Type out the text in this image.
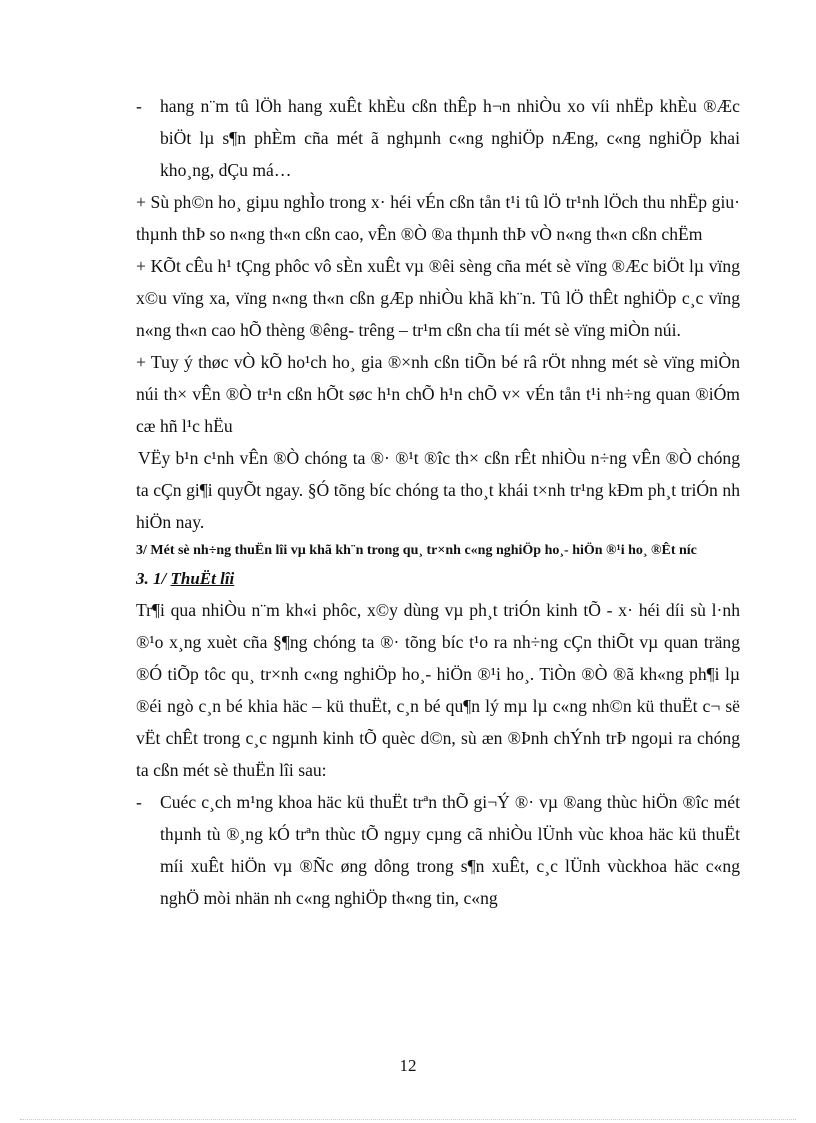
- hang n¨m tû lÖh hang xuÊt khÈu cßn thÊp h¬n nhiÒu xo víi nhËp khÈu ®Æc biÖt lµ s¶n phÈm cña mét ã nghµnh c«ng nghiÖp nÆng, c«ng nghiÖp khai kho¸ng, dÇu má…

+ Sù ph©n ho¸ giµu nghÌo trong x· héi vÉn cßn tån t¹i tû lÖ tr¹nh lÖch thu nhËp giu· thµnh thÞ so n«ng th«n cßn cao, vÊn ®Ò ®a thµnh thÞ vÒ n«ng th«n cßn chËm

+ KÕt cÊu h¹ tÇng phôc vô sÈn xuÊt vµ ®êi sèng cña mét sè vïng ®Æc biÖt lµ vïng x©u vïng xa, vïng n«ng th«n cßn gÆp nhiÒu khã kh¨n. Tû lÖ thÊt nghiÖp c¸c vïng n«ng th«n cao hÕ thèng ®êng- trêng – tr¹m cßn cha tíi mét sè vïng miÒn núi.

+ Tuy ý thøc vÒ kÕ ho¹ch ho¸ gia ®×nh cßn tiÕn bé râ rÖt nhng mét sè vïng miÒn núi th× vÊn ®Ò tr¹n cßn hÕt søc h¹n chÕ h¹n chÕ v× vÉn tån t¹i nh÷ng quan ®iÓm cæ hñ l¹c hËu

VËy b¹n c¹nh vÊn ®Ò chóng ta ®· ®¹t ®îc th× cßn rÊt nhiÒu n÷ng vÊn ®Ò chóng ta cÇn gi¶i quyÕt ngay. §Ó tõng bíc chóng ta tho¸t khái t×nh tr¹ng kÐm ph¸t triÓn nh hiÖn nay.

3/ Mét sè nh÷ng thuËn lîi vµ khã kh¨n trong qu¸ tr×nh c«ng nghiÖp ho¸- hiÖn ®¹i ho¸ ®Êt níc

3. 1/ ThuËt lîi

Tr¶i qua nhiÒu n¨m kh«i phôc, x©y dùng vµ ph¸t triÓn kinh tÕ - x· héi díi sù l·nh ®¹o x¸ng xuèt cña §¶ng chóng ta ®· tõng bíc t¹o ra nh÷ng cÇn thiÕt vµ quan träng ®Ó tiÕp tôc qu¸ tr×nh c«ng nghiÖp ho¸- hiÖn ®¹i ho¸. TiÒn ®Ò ®ã kh«ng ph¶i lµ ®éi ngò c¸n bé khia häc – kü thuËt, c¸n bé qu¶n lý mµ lµ c«ng nh©n kü thuËt c¬ së vËt chÊt trong c¸c ngµnh kinh tÕ quèc d©n, sù æn ®Þnh chÝnh trÞ ngoµi ra chóng ta cßn mét sè thuËn lîi sau:

- Cuéc c¸ch m¹ng khoa häc kü thuËt trªn thÕ gi¬Ý ®· vµ ®ang thùc hiÖn ®îc mét thµnh tù ®¸ng kÓ trªn thùc tÕ ngµy cµng cã nhiÒu lÜnh vùc khoa häc kü thuËt míi xuÊt hiÖn vµ ®Ñc øng dông trong s¶n xuÊt, c¸c lÜnh vùckhoa häc c«ng nghÖ mòi nhän nh c«ng nghiÖp th«ng tin, c«ng

12
